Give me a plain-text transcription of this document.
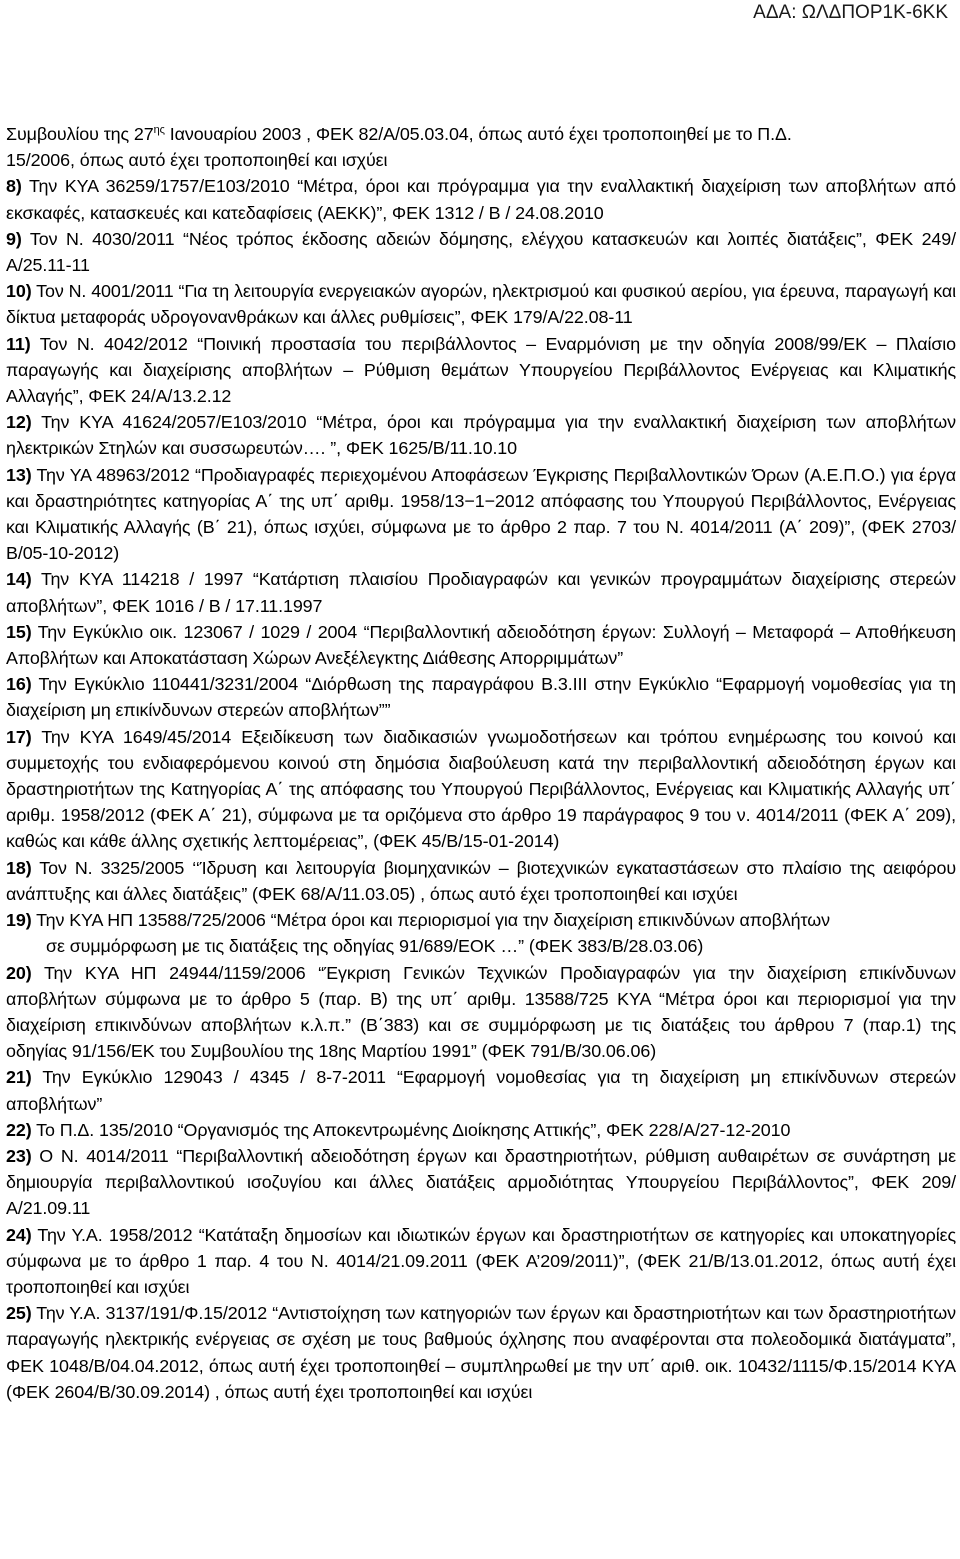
ΑΔΑ: ΩΛΔΠΟΡ1Κ-6ΚΚ

Συμβουλίου της $27^{\eta\varsigma}$ Ιανουαρίου 2003 , ΦΕΚ 82/Α/05.03.04, όπως αυτό έχει τροποποιηθεί με το Π.Δ.
15/2006, όπως αυτό έχει τροποποιηθεί και ισχύει

8) Την ΚΥΑ 36259/1757/Ε103/2010 “Μέτρα, όροι και πρόγραμμα για την εναλλακτική διαχείριση των αποβλήτων από εκσκαφές, κατασκευές και κατεδαφίσεις (ΑΕΚΚ)”, ΦΕΚ 1312 / Β / 24.08.2010

9) Τον Ν. 4030/2011 “Νέος τρόπος έκδοσης αδειών δόμησης, ελέγχου κατασκευών και λοιπές διατάξεις”, ΦΕΚ 249/Α/25.11-11

10) Τον Ν. 4001/2011 “Για τη λειτουργία ενεργειακών αγορών, ηλεκτρισμού και φυσικού αερίου, για έρευνα, παραγωγή και δίκτυα μεταφοράς υδρογονανθράκων και άλλες ρυθμίσεις”, ΦΕΚ 179/Α/22.08-11

11) Τον Ν. 4042/2012 “Ποινική προστασία του περιβάλλοντος – Εναρμόνιση με την οδηγία 2008/99/ΕΚ – Πλαίσιο παραγωγής και διαχείρισης αποβλήτων – Ρύθμιση θεμάτων Υπουργείου Περιβάλλοντος Ενέργειας και Κλιματικής Αλλαγής”, ΦΕΚ 24/Α/13.2.12

12) Την ΚΥΑ 41624/2057/Ε103/2010 “Μέτρα, όροι και πρόγραμμα για την εναλλακτική διαχείριση των αποβλήτων ηλεκτρικών Στηλών και συσσωρευτών…. ”, ΦΕΚ 1625/Β/11.10.10

13) Την ΥΑ 48963/2012 “Προδιαγραφές περιεχομένου Αποφάσεων Έγκρισης Περιβαλλοντικών Όρων (Α.Ε.Π.Ο.) για έργα και δραστηριότητες κατηγορίας Α΄ της υπ΄ αριθμ. 1958/13−1−2012 απόφασης του Υπουργού Περιβάλλοντος, Ενέργειας και Κλιματικής Αλλαγής (Β΄ 21), όπως ισχύει, σύμφωνα με το άρθρο 2 παρ. 7 του Ν. 4014/2011 (Α΄ 209)”, (ΦΕΚ 2703/Β/05-10-2012)

14) Την ΚΥΑ 114218 / 1997 “Κατάρτιση πλαισίου Προδιαγραφών και γενικών προγραμμάτων διαχείρισης στερεών αποβλήτων”, ΦΕΚ 1016 / Β / 17.11.1997

15) Την Εγκύκλιο οικ. 123067 / 1029 / 2004 “Περιβαλλοντική αδειοδότηση έργων: Συλλογή – Μεταφορά – Αποθήκευση Αποβλήτων και Αποκατάσταση Χώρων Ανεξέλεγκτης Διάθεσης Απορριμμάτων”

16) Την Εγκύκλιο 110441/3231/2004 “Διόρθωση της παραγράφου Β.3.ΙΙΙ στην Εγκύκλιο “Εφαρμογή νομοθεσίας για τη διαχείριση μη επικίνδυνων στερεών αποβλήτων””

17) Την ΚΥΑ 1649/45/2014 Εξειδίκευση των διαδικασιών γνωμοδοτήσεων και τρόπου ενημέρωσης του κοινού και συμμετοχής του ενδιαφερόμενου κοινού στη δημόσια διαβούλευση κατά την περιβαλλοντική αδειοδότηση έργων και δραστηριοτήτων της Κατηγορίας Α΄ της απόφασης του Υπουργού Περιβάλλοντος, Ενέργειας και Κλιματικής Αλλαγής υπ΄ αριθμ. 1958/2012 (ΦΕΚ Α΄ 21), σύμφωνα με τα οριζόμενα στο άρθρο 19 παράγραφος 9 του ν. 4014/2011 (ΦΕΚ Α΄ 209), καθώς και κάθε άλλης σχετικής λεπτομέρειας”, (ΦΕΚ 45/Β/15-01-2014)

18) Τον Ν. 3325/2005 ‘‘Ίδρυση και λειτουργία βιομηχανικών – βιοτεχνικών εγκαταστάσεων στο πλαίσιο της αειφόρου ανάπτυξης και άλλες διατάξεις” (ΦΕΚ 68/Α/11.03.05) , όπως αυτό έχει τροποποιηθεί και ισχύει

19) Την ΚΥΑ ΗΠ 13588/725/2006 “Μέτρα όροι και περιορισμοί για την διαχείριση επικινδύνων αποβλήτων

σε συμμόρφωση με τις διατάξεις της οδηγίας 91/689/ΕΟΚ …” (ΦΕΚ 383/Β/28.03.06)

20) Την ΚΥΑ ΗΠ 24944/1159/2006 “Έγκριση Γενικών Τεχνικών Προδιαγραφών για την διαχείριση επικίνδυνων αποβλήτων σύμφωνα με το άρθρο 5 (παρ. Β) της υπ΄ αριθμ. 13588/725 ΚΥΑ “Μέτρα όροι και περιορισμοί για την διαχείριση επικινδύνων αποβλήτων κ.λ.π.” (Β΄383) και σε συμμόρφωση με τις διατάξεις του άρθρου 7 (παρ.1) της οδηγίας 91/156/ΕΚ του Συμβουλίου της 18ης Μαρτίου 1991” (ΦΕΚ 791/Β/30.06.06)

21) Την Εγκύκλιο 129043 / 4345 / 8-7-2011 “Εφαρμογή νομοθεσίας για τη διαχείριση μη επικίνδυνων στερεών αποβλήτων”

22) Το Π.Δ. 135/2010 “Οργανισμός της Αποκεντρωμένης Διοίκησης Αττικής”, ΦΕΚ 228/Α/27-12-2010

23) Ο Ν. 4014/2011 “Περιβαλλοντική αδειοδότηση έργων και δραστηριοτήτων, ρύθμιση αυθαιρέτων σε συνάρτηση με δημιουργία περιβαλλοντικού ισοζυγίου και άλλες διατάξεις αρμοδιότητας Υπουργείου Περιβάλλοντος”, ΦΕΚ 209/Α/21.09.11

24) Την Υ.Α. 1958/2012 “Κατάταξη δημοσίων και ιδιωτικών έργων και δραστηριοτήτων σε κατηγορίες και υποκατηγορίες σύμφωνα με το άρθρο 1 παρ. 4 του Ν. 4014/21.09.2011 (ΦΕΚ Α’209/2011)”, (ΦΕΚ 21/Β/13.01.2012, όπως αυτή έχει τροποποιηθεί και ισχύει

25) Την Υ.Α. 3137/191/Φ.15/2012 “Αντιστοίχηση των κατηγοριών των έργων και δραστηριοτήτων και των δραστηριοτήτων παραγωγής ηλεκτρικής ενέργειας σε σχέση με τους βαθμούς όχλησης που αναφέρονται στα πολεοδομικά διατάγματα”, ΦΕΚ 1048/Β/04.04.2012, όπως αυτή έχει τροποποιηθεί – συμπληρωθεί με την υπ΄ αριθ. οικ. 10432/1115/Φ.15/2014 ΚΥΑ (ΦΕΚ 2604/Β/30.09.2014) , όπως αυτή έχει τροποποιηθεί και ισχύει
